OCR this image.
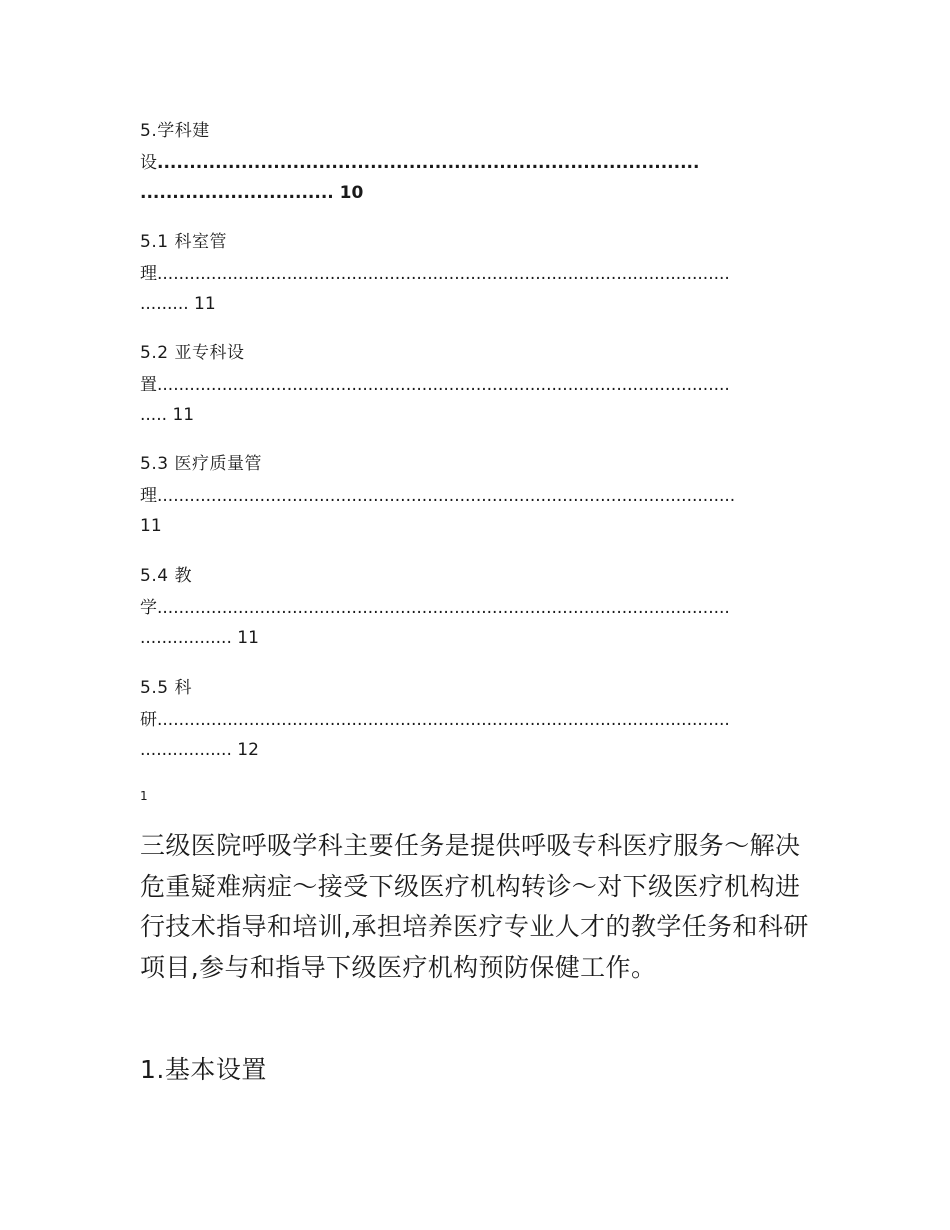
5.学科建
设....................................................................................
.............................. 10
5.1 科室管
理..........................................................................................................
......... 11
5.2 亚专科设
置..........................................................................................................
..... 11
5.3 医疗质量管
理...........................................................................................................
11
5.4 教
学..........................................................................................................
................. 11
5.5 科
研..........................................................................................................
................. 12
1
三级医院呼吸学科主要任务是提供呼吸专科医疗服务～解决危重疑难病症～接受下级医疗机构转诊～对下级医疗机构进行技术指导和培训,承担培养医疗专业人才的教学任务和科研项目,参与和指导下级医疗机构预防保健工作。
1.基本设置
